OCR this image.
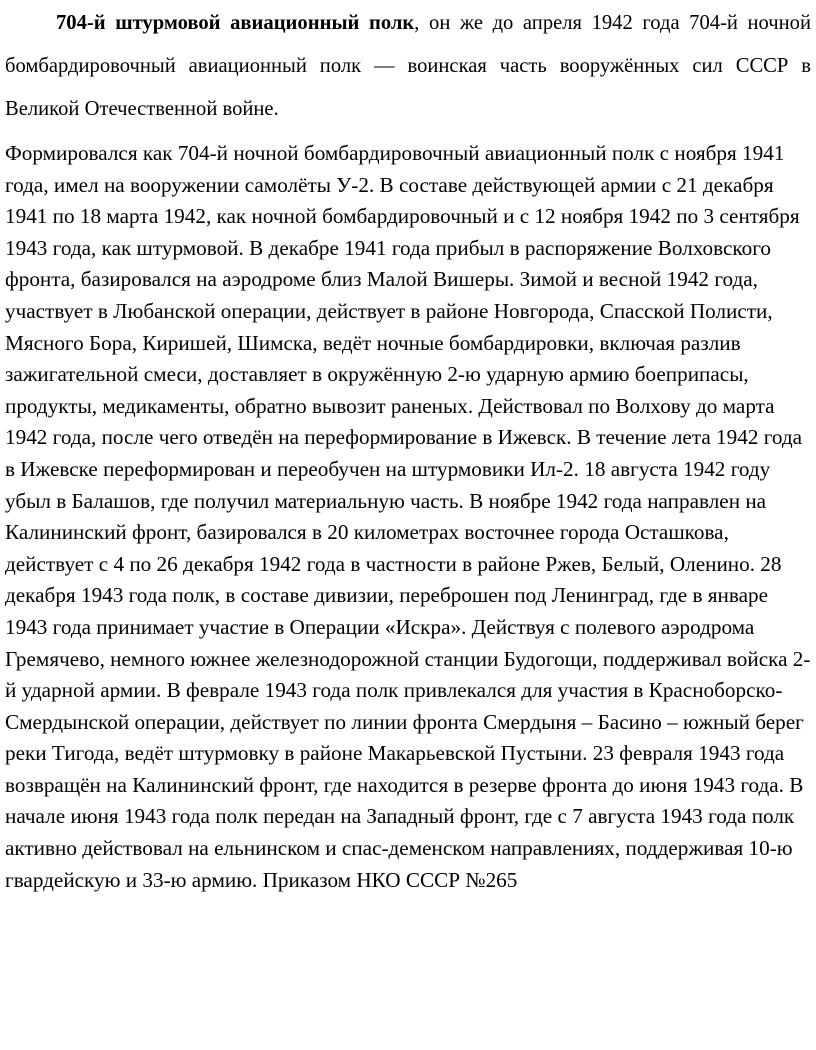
704-й штурмовой авиационный полк, он же до апреля 1942 года 704-й ночной бомбардировочный авиационный полк — воинская часть вооружённых сил СССР в Великой Отечественной войне.

Формировался как 704-й ночной бомбардировочный авиационный полк с ноября 1941 года, имел на вооружении самолёты У-2. В составе действующей армии с 21 декабря 1941 по 18 марта 1942, как ночной бомбардировочный и с 12 ноября 1942 по 3 сентября 1943 года, как штурмовой. В декабре 1941 года прибыл в распоряжение Волховского фронта, базировался на аэродроме близ Малой Вишеры. Зимой и весной 1942 года, участвует в Любанской операции, действует в районе Новгорода, Спасской Полисти, Мясного Бора, Киришей, Шимска, ведёт ночные бомбардировки, включая разлив зажигательной смеси, доставляет в окружённую 2-ю ударную армию боеприпасы, продукты, медикаменты, обратно вывозит раненых. Действовал по Волхову до марта 1942 года, после чего отведён на переформирование в Ижевск. В течение лета 1942 года в Ижевске переформирован и переобучен на штурмовики Ил-2. 18 августа 1942 году убыл в Балашов, где получил материальную часть. В ноябре 1942 года направлен на Калининский фронт, базировался в 20 километрах восточнее города Осташкова, действует с 4 по 26 декабря 1942 года в частности в районе Ржев, Белый, Оленино. 28 декабря 1943 года полк, в составе дивизии, переброшен под Ленинград, где в январе 1943 года принимает участие в Операции «Искра». Действуя с полевого аэродрома Гремячево, немного южнее железнодорожной станции Будогощи, поддерживал войска 2-й ударной армии. В феврале 1943 года полк привлекался для участия в Красноборско-Смердынской операции, действует по линии фронта Смердыня – Басино – южный берег реки Тигода, ведёт штурмовку в районе Макарьевской Пустыни. 23 февраля 1943 года возвращён на Калининский фронт, где находится в резерве фронта до июня 1943 года. В начале июня 1943 года полк передан на Западный фронт, где с 7 августа 1943 года полк активно действовал на ельнинском и спас-деменском направлениях, поддерживая 10-ю гвардейскую и 33-ю армию. Приказом НКО СССР №265
